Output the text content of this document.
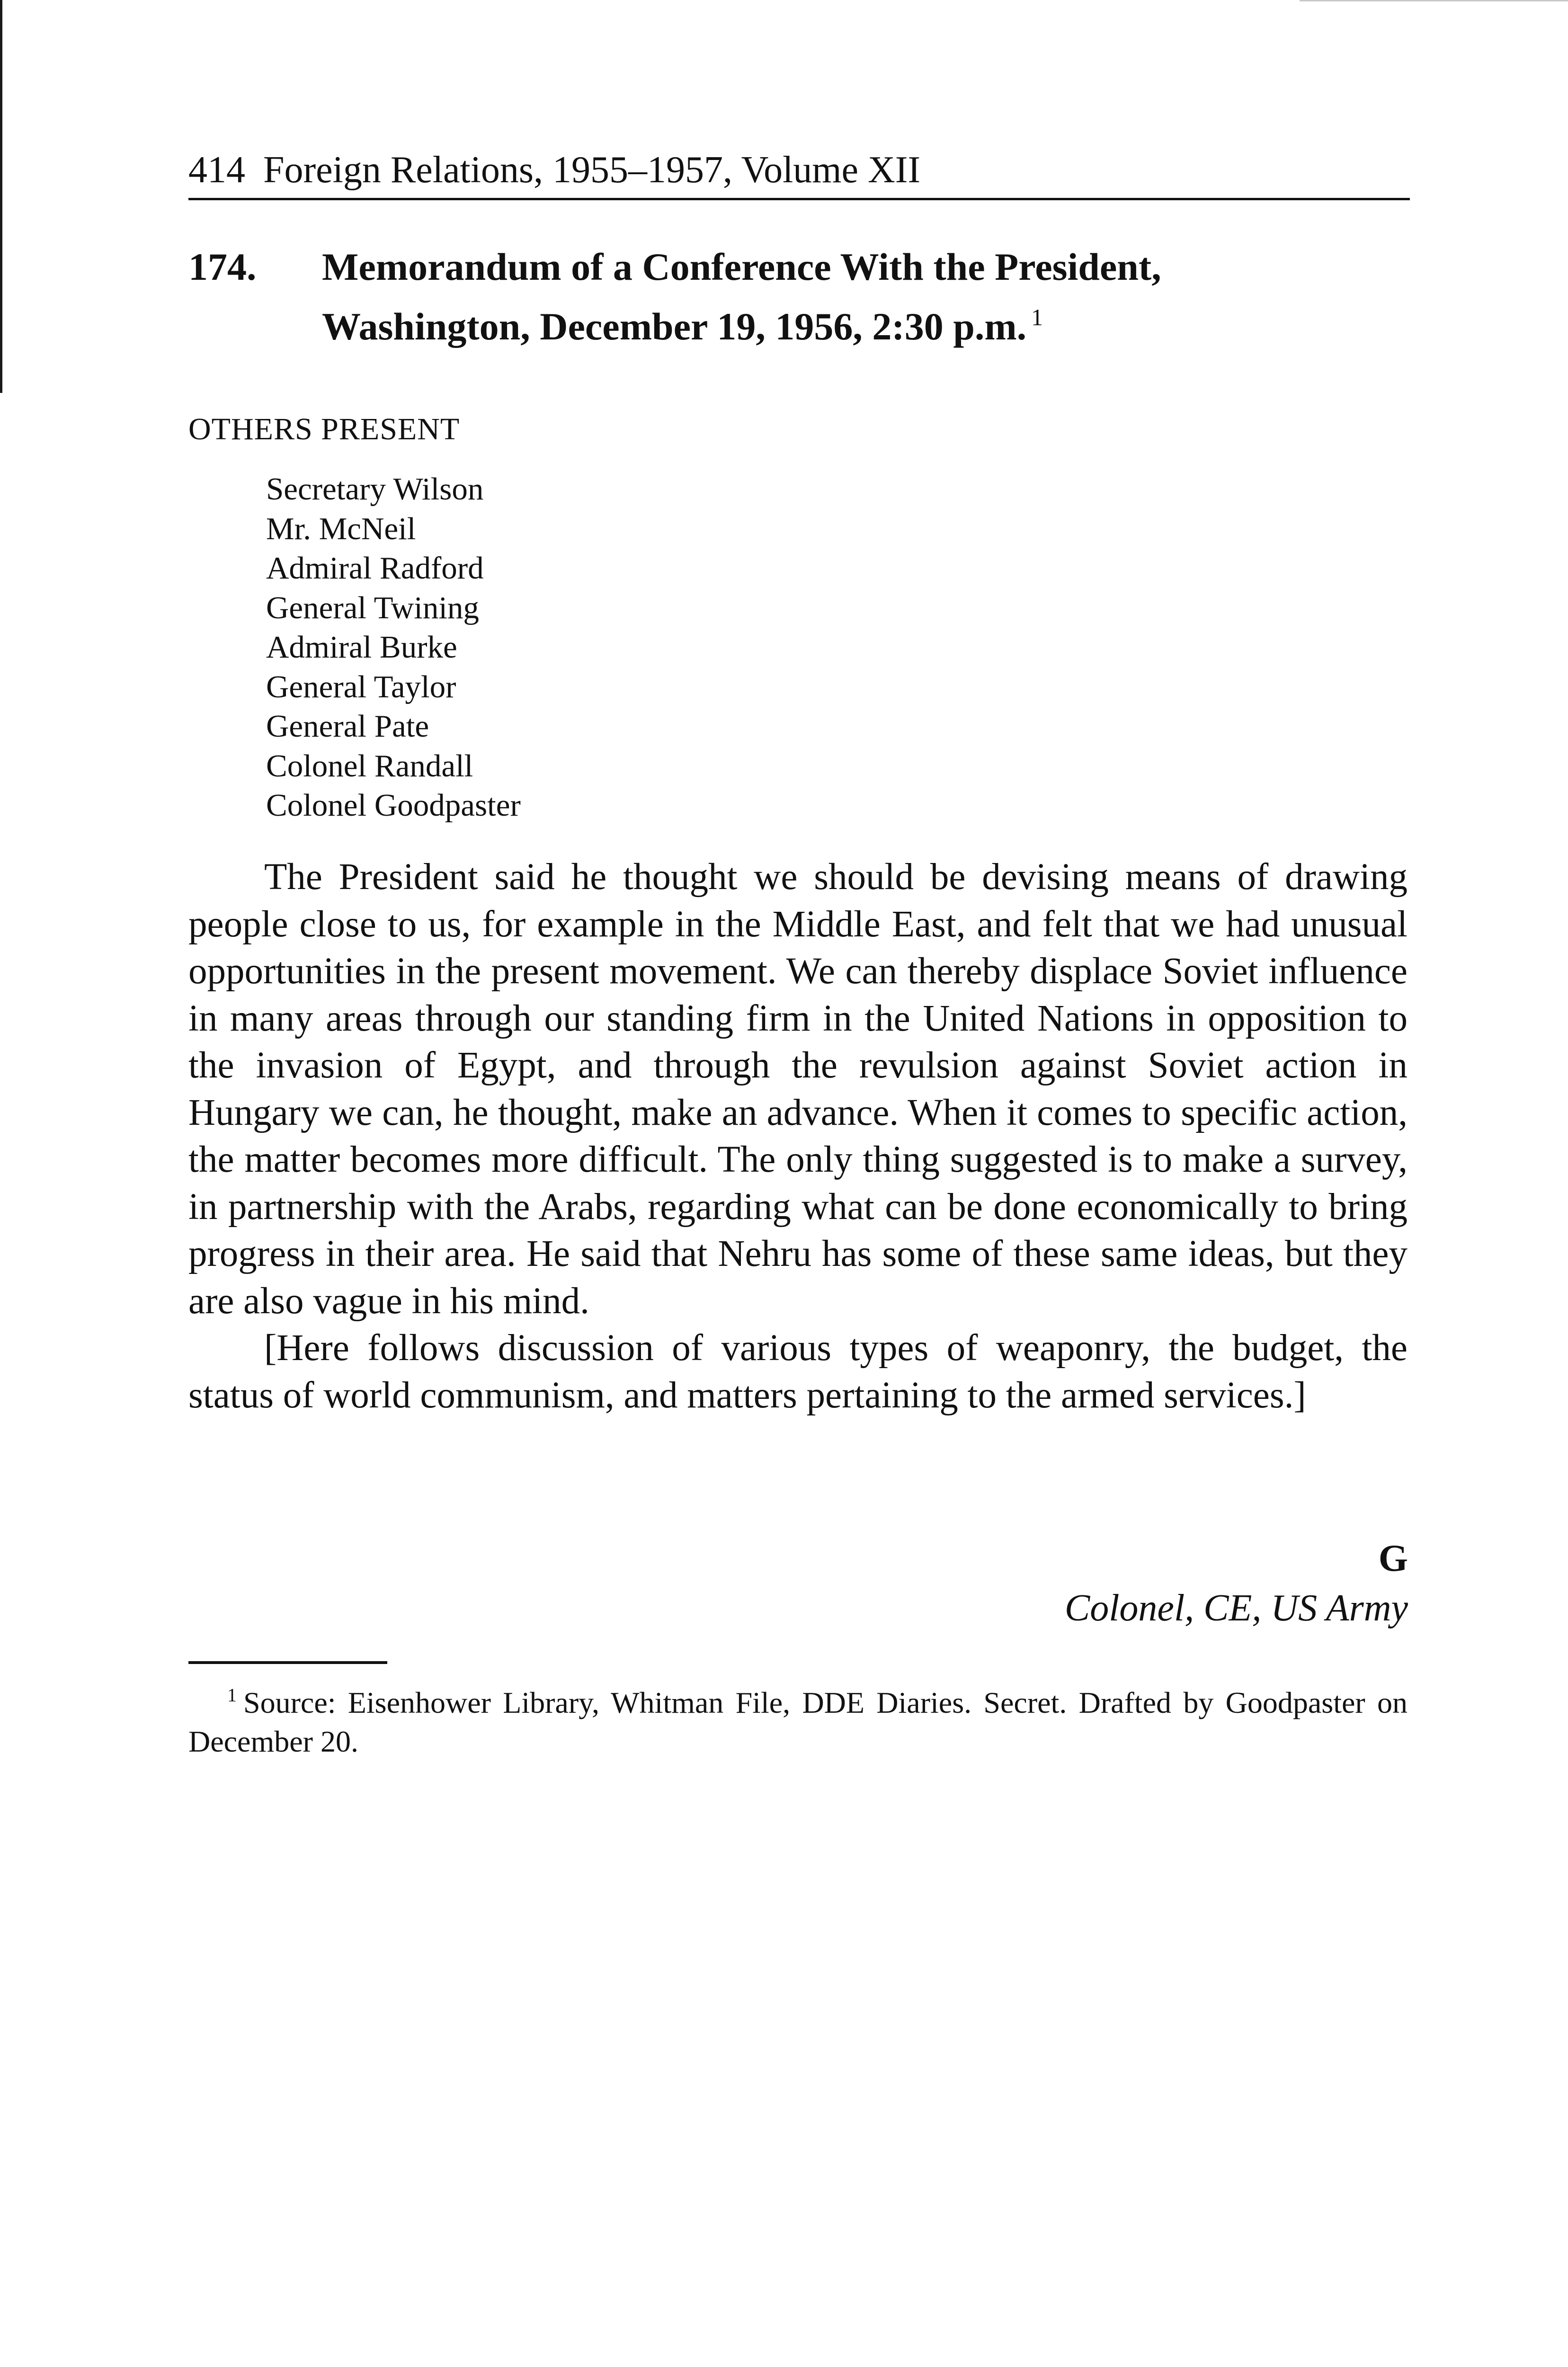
414 Foreign Relations, 1955–1957, Volume XII
174. Memorandum of a Conference With the President,
Washington, December 19, 1956, 2:30 p.m. $^1$
OTHERS PRESENT
Secretary Wilson
Mr. McNeil
Admiral Radford
General Twining
Admiral Burke
General Taylor
General Pate
Colonel Randall
Colonel Goodpaster

The President said he thought we should be devising means of drawing people close to us, for example in the Middle East, and felt that we had unusual opportunities in the present movement. We can thereby displace Soviet influence in many areas through our standing firm in the United Nations in opposition to the invasion of Egypt, and through the revulsion against Soviet action in Hungary we can, he thought, make an advance. When it comes to specific action, the matter becomes more difficult. The only thing suggested is to make a survey, in partnership with the Arabs, regarding what can be done economically to bring progress in their area. He said that Nehru has some of these same ideas, but they are also vague in his mind.

[Here follows discussion of various types of weaponry, the budget, the status of world communism, and matters pertaining to the armed services.]

G
Colonel, CE, US Army
$^1$ Source: Eisenhower Library, Whitman File, DDE Diaries. Secret. Drafted by Goodpaster on December 20.
